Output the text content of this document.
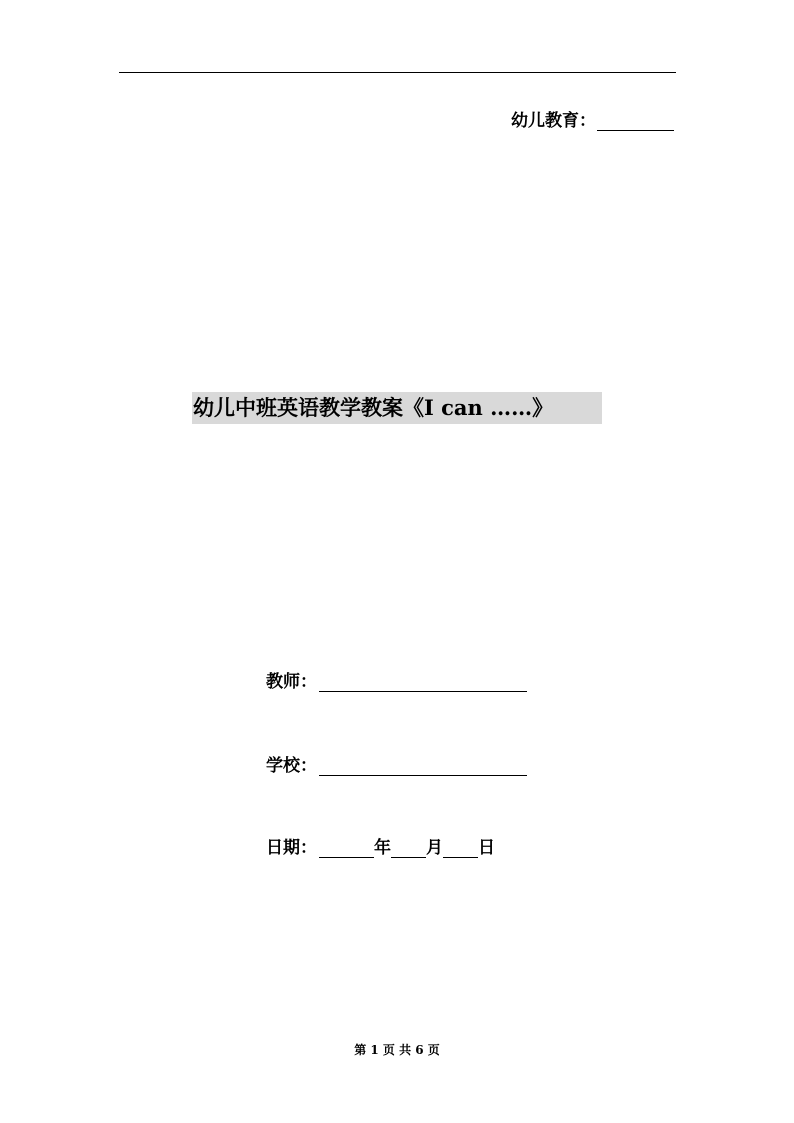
幼儿教育：
幼儿中班英语教学教案《I can ……》
教师：
学校：
日期：	年 月 日
第 1 页 共 6 页
